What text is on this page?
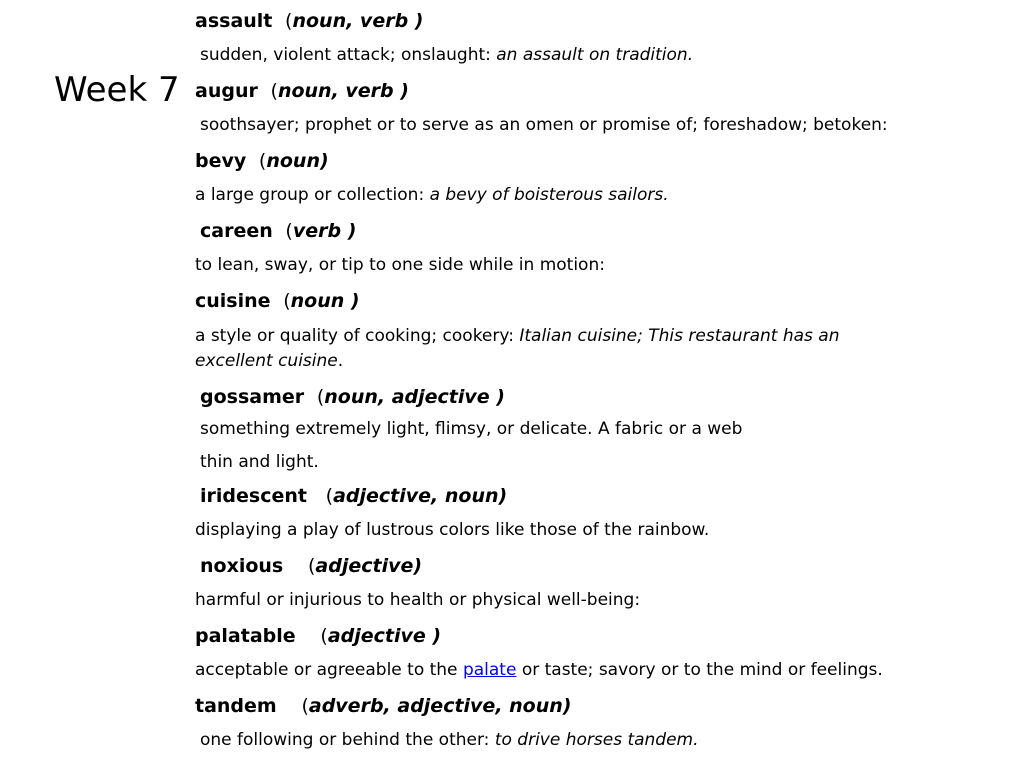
Week 7
assault  (noun, verb )
sudden, violent attack; onslaught: an assault on tradition.
augur  (noun, verb )
soothsayer; prophet or to serve as an omen or promise of; foreshadow; betoken:
bevy  (noun)
a large group or collection: a bevy of boisterous sailors.
careen  (verb )
to lean, sway, or tip to one side while in motion:
cuisine  (noun )
a style or quality of cooking; cookery: Italian cuisine; This restaurant has an
excellent cuisine.
gossamer  (noun, adjective )
something extremely light, flimsy, or delicate. A fabric or a web
thin and light.
iridescent   (adjective, noun)
displaying a play of lustrous colors like those of the rainbow.
noxious    (adjective)
harmful or injurious to health or physical well-being:
palatable    (adjective )
acceptable or agreeable to the palate or taste; savory or to the mind or feelings.
tandem    (adverb, adjective, noun)
one following or behind the other: to drive horses tandem.
